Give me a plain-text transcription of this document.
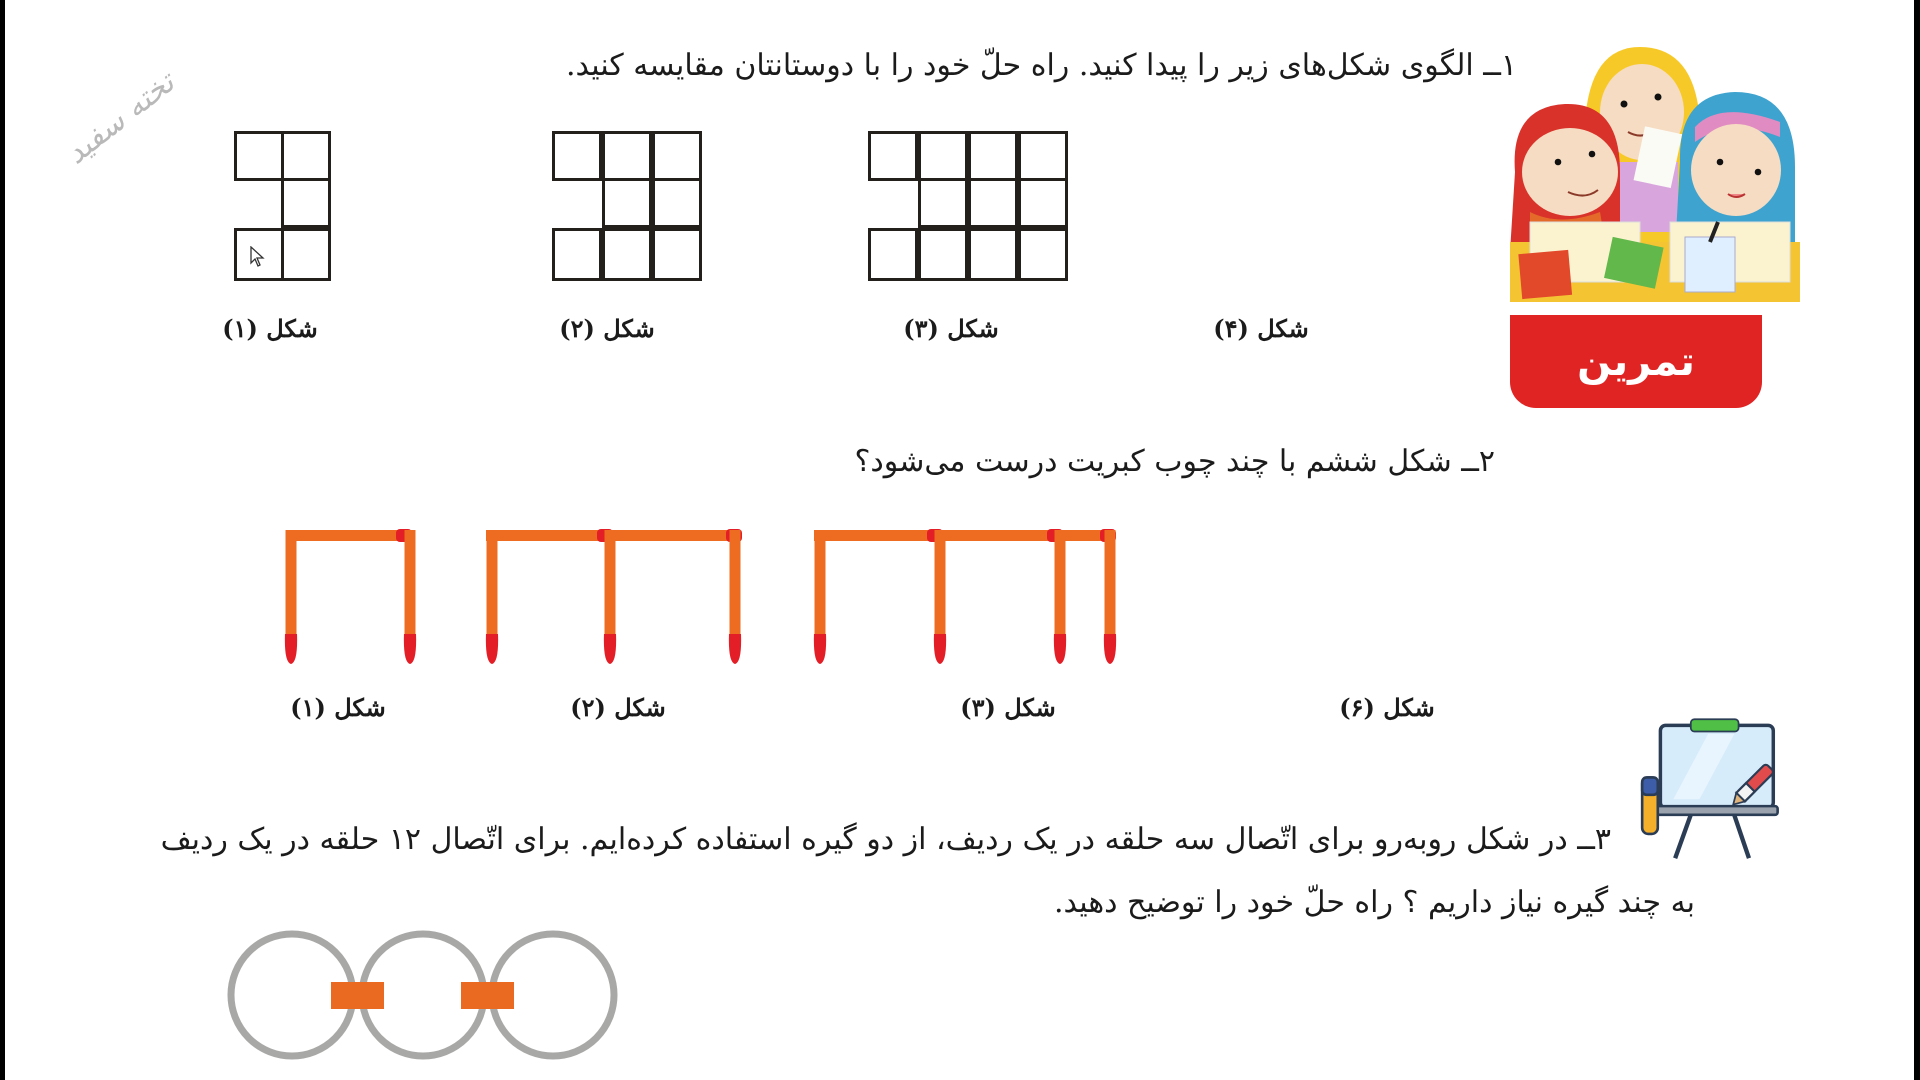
تخته سفید	۱ــ الگوی شکل‌های زیر را پیدا کنید. راه حلّ خود را با دوستانتان مقایسه کنید.
شکل (۱)	شکل (۲)	شکل (۳)	شکل (۴)
تمرین
۲ــ شکل ششم با چند چوب کبریت درست می‌شود؟
شکل (۱)	شکل (۲)	شکل (۳)	شکل (۶)
۳ــ در شکل روبه‌رو برای اتّصال سه حلقه در یک ردیف، از دو گیره استفاده کرده‌ایم. برای اتّصال ۱۲ حلقه در یک ردیف
به چند گیره نیاز داریم ؟ راه حلّ خود را توضیح دهید.
